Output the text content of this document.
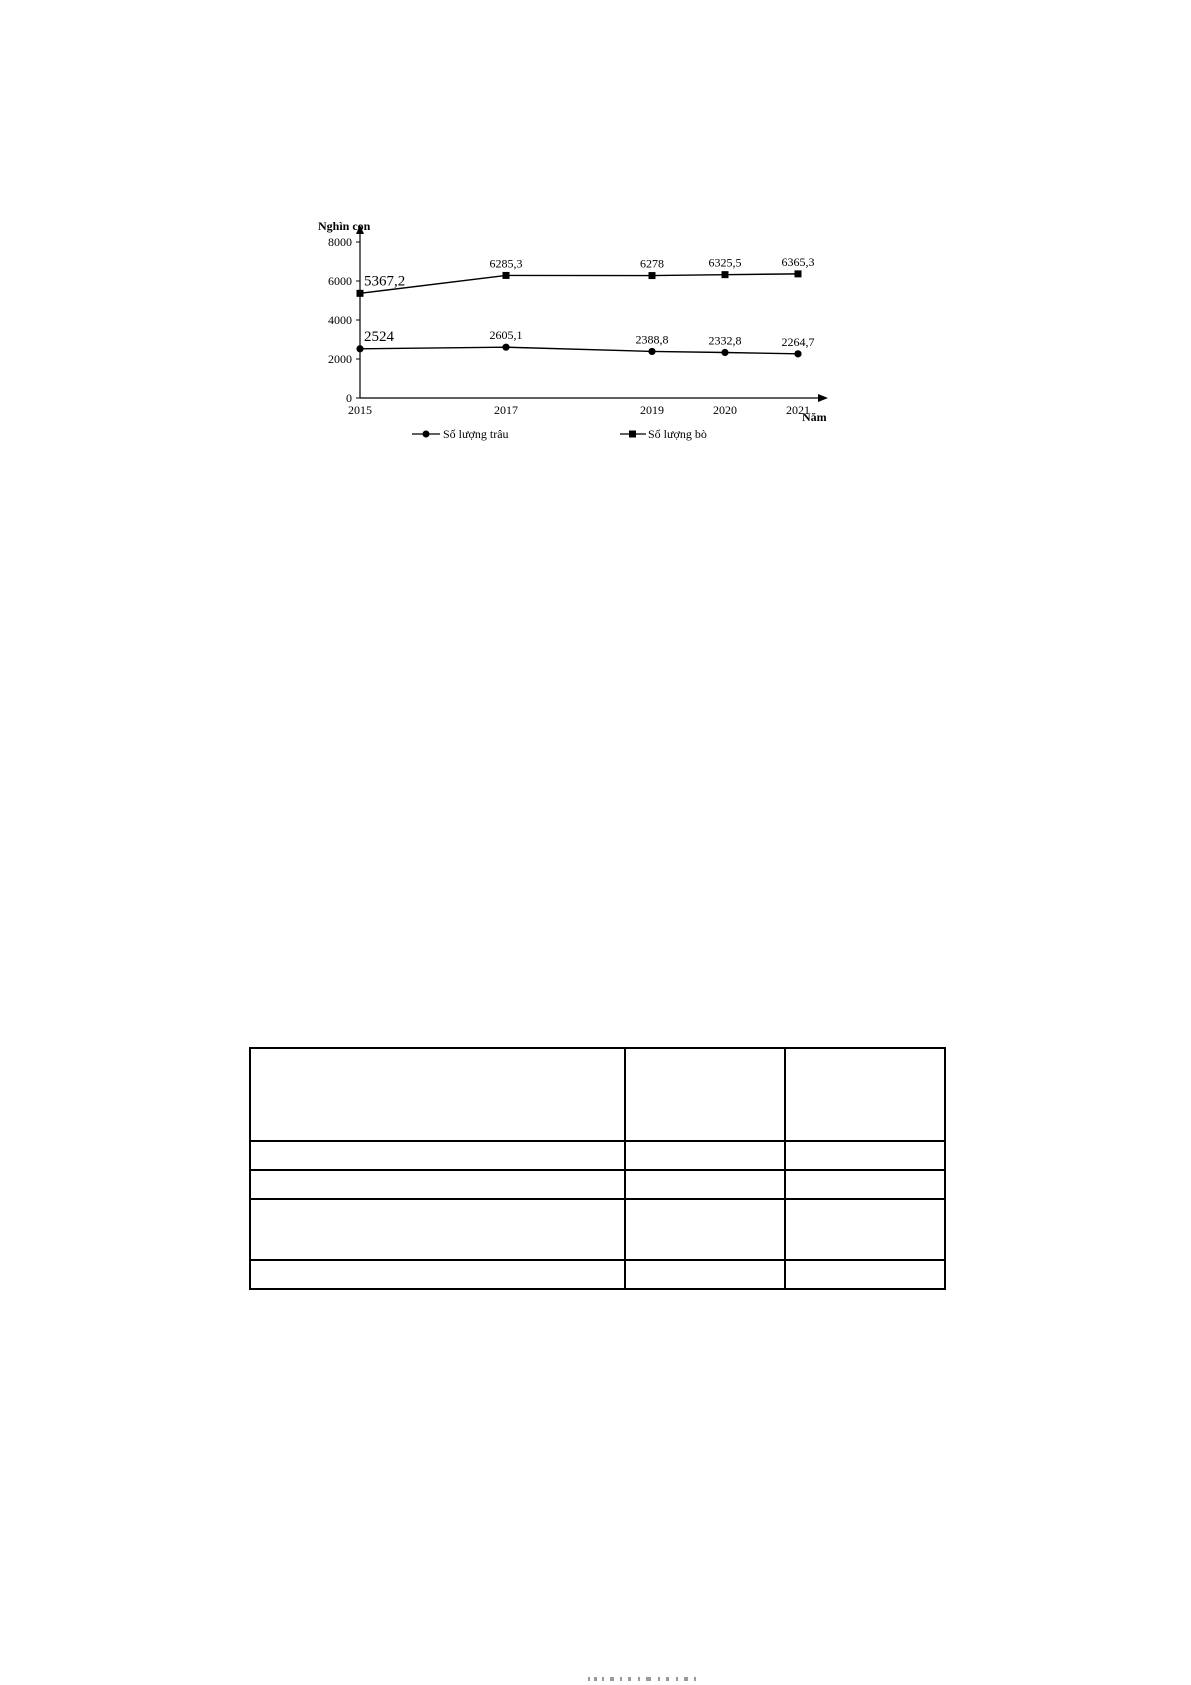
Nghìn con
Năm
0
2000
4000
6000
8000
2015	2017	2019	2020	2021
2524	2605,1	2388,8	2332,8	2264,7
5367,2
6285,3	6278	6325,5	6365,3
Số lượng trâu	Số lượng bò
